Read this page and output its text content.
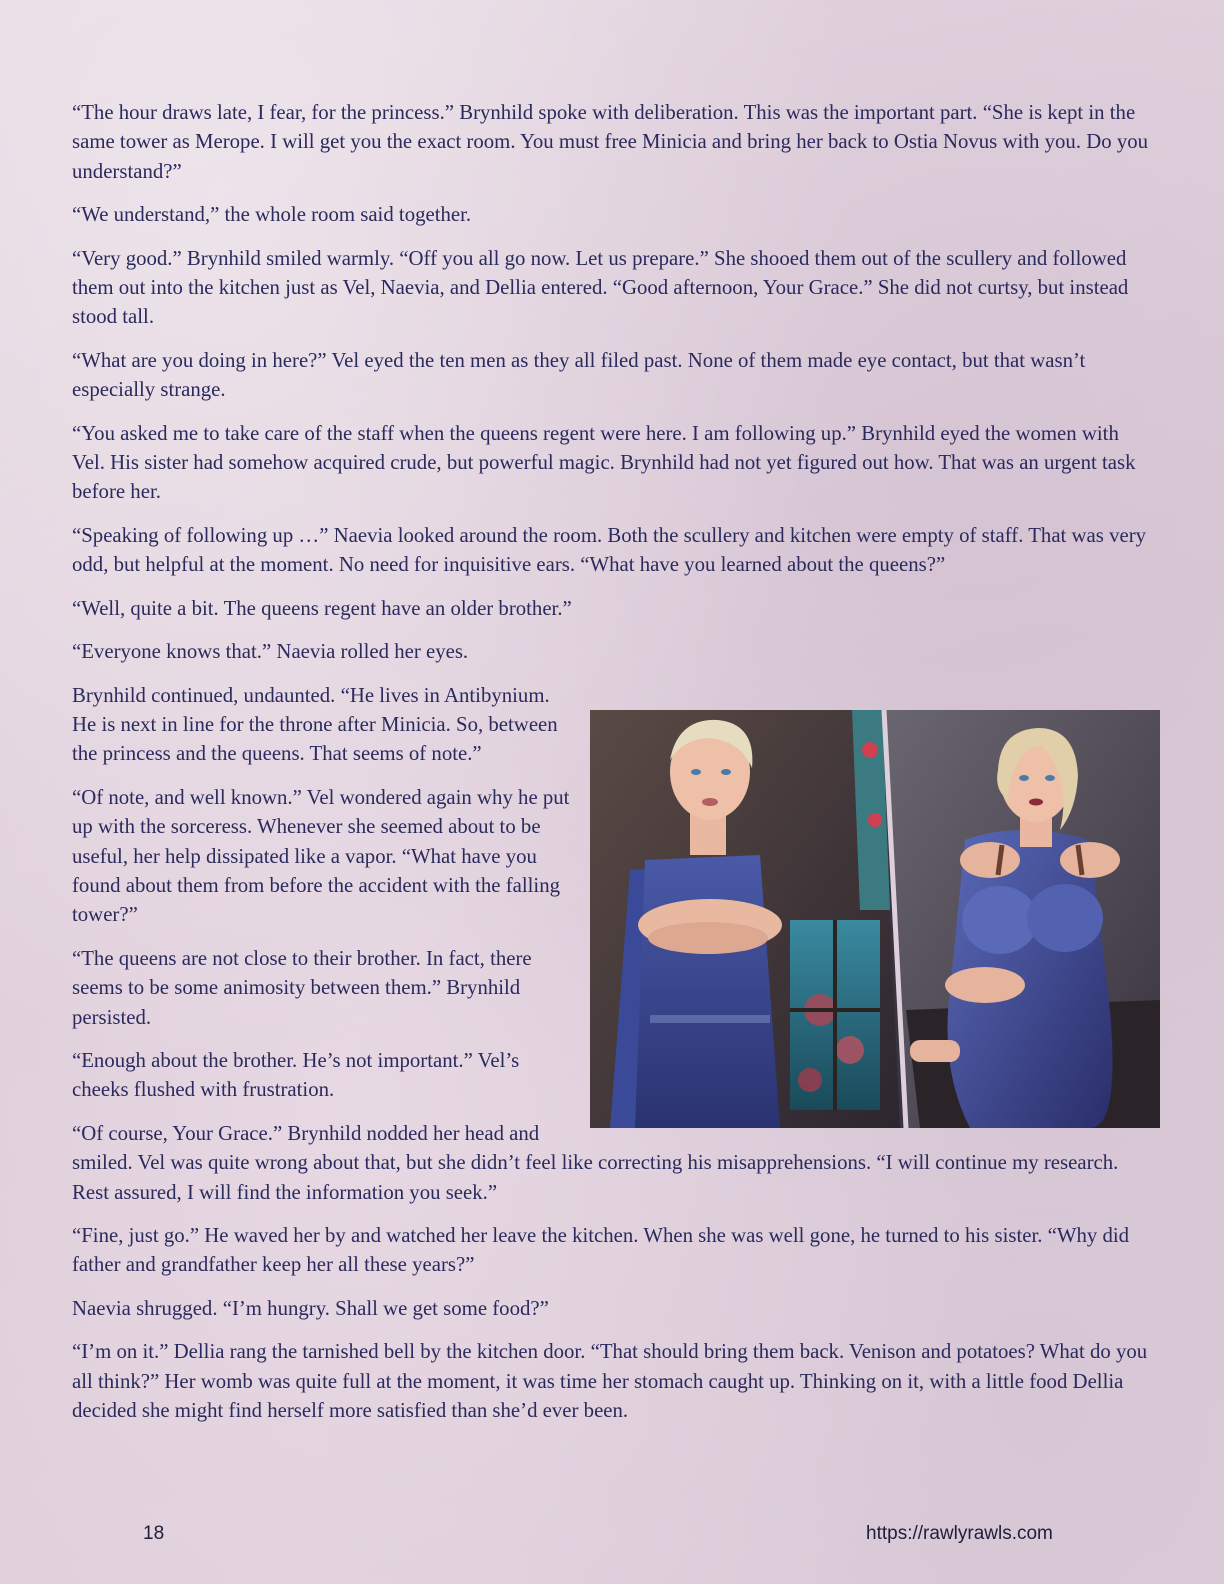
“The hour draws late, I fear, for the princess.” Brynhild spoke with deliberation. This was the important part. “She is kept in the same tower as Merope. I will get you the exact room. You must free Minicia and bring her back to Ostia Novus with you. Do you understand?”

“We understand,” the whole room said together.

“Very good.” Brynhild smiled warmly. “Off you all go now. Let us prepare.” She shooed them out of the scullery and followed them out into the kitchen just as Vel, Naevia, and Dellia entered. “Good afternoon, Your Grace.” She did not curtsy, but instead stood tall.

“What are you doing in here?” Vel eyed the ten men as they all filed past. None of them made eye contact, but that wasn’t especially strange.

“You asked me to take care of the staff when the queens regent were here. I am following up.” Brynhild eyed the women with Vel. His sister had somehow acquired crude, but powerful magic. Brynhild had not yet figured out how. That was an urgent task before her.

“Speaking of following up …” Naevia looked around the room. Both the scullery and kitchen were empty of staff. That was very odd, but helpful at the moment. No need for inquisitive ears. “What have you learned about the queens?”

“Well, quite a bit. The queens regent have an older brother.”

“Everyone knows that.” Naevia rolled her eyes.

Brynhild continued, undaunted. “He lives in Antibynium. He is next in line for the throne after Minicia. So, between the princess and the queens. That seems of note.”

“Of note, and well known.” Vel wondered again why he put up with the sorceress. Whenever she seemed about to be useful, her help dissipated like a vapor. “What have you found about them from before the accident with the falling tower?”

“The queens are not close to their brother. In fact, there seems to be some animosity between them.” Brynhild persisted.

“Enough about the brother. He’s not important.” Vel’s cheeks flushed with frustration.

“Of course, Your Grace.” Brynhild nodded her head and smiled. Vel was quite wrong about that, but she didn’t feel like correcting his misapprehensions. “I will continue my research. Rest assured, I will find the information you seek.”

“Fine, just go.” He waved her by and watched her leave the kitchen. When she was well gone, he turned to his sister. “Why did father and grandfather keep her all these years?”

Naevia shrugged. “I’m hungry. Shall we get some food?”

“I’m on it.” Dellia rang the tarnished bell by the kitchen door. “That should bring them back. Venison and potatoes? What do you all think?” Her womb was quite full at the moment, it was time her stomach caught up. Thinking on it, with a little food Dellia decided she might find herself more satisfied than she’d ever been.

18	https://rawlyrawls.com
